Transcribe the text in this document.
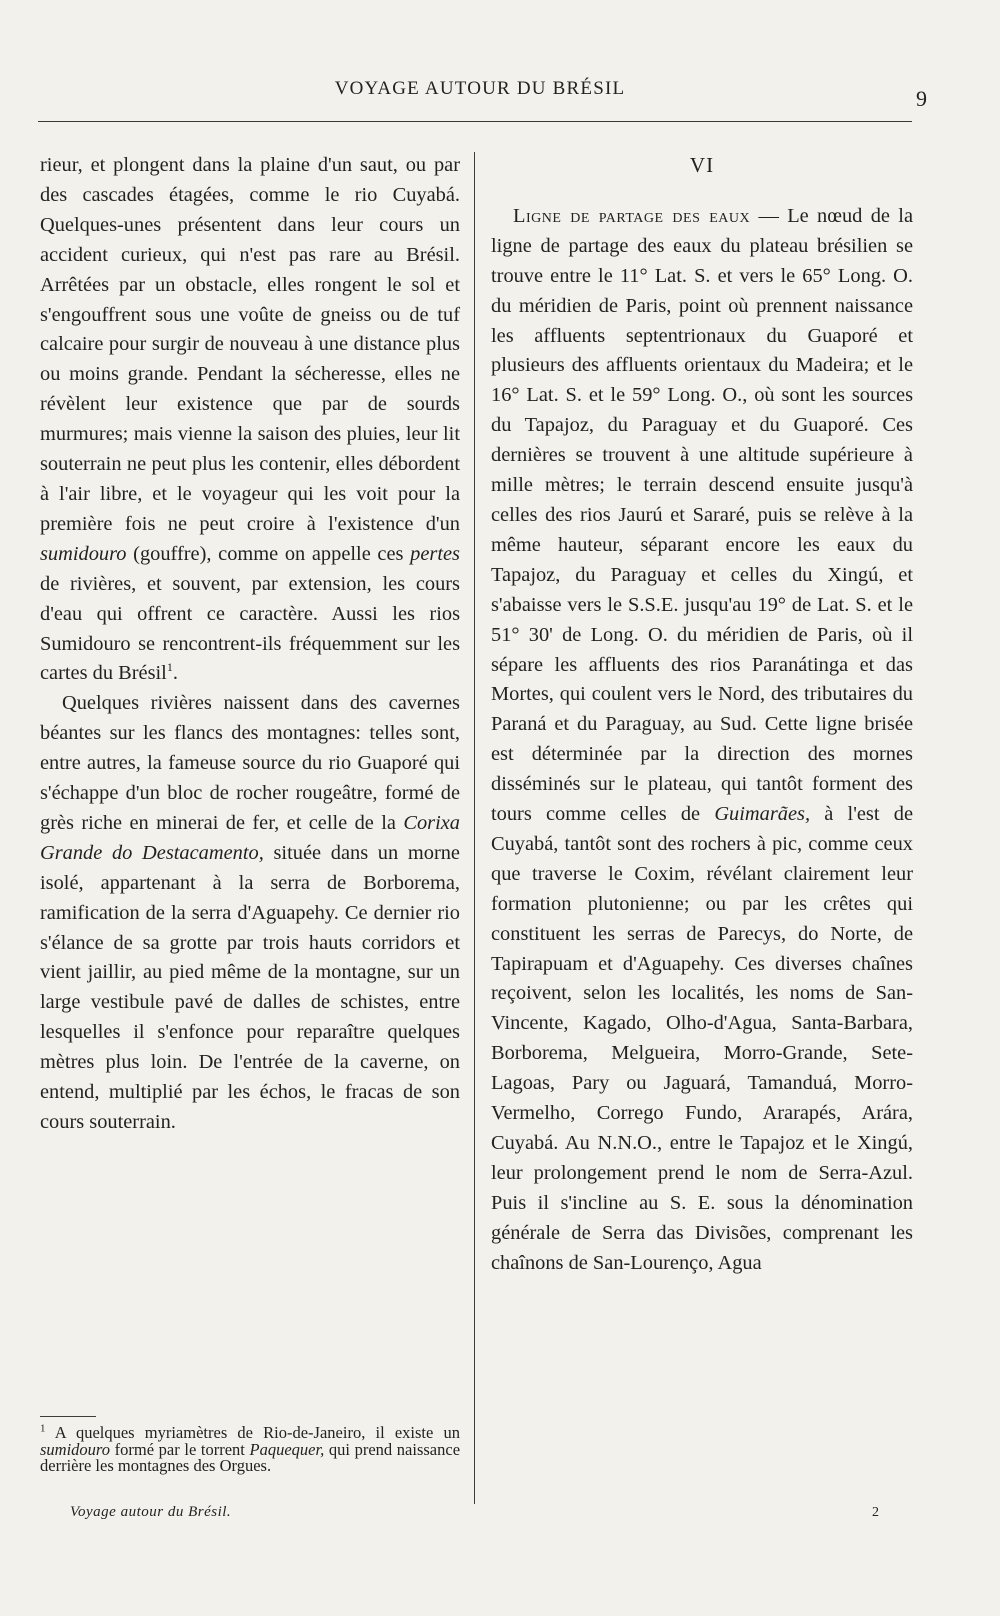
VOYAGE AUTOUR DU BRÉSIL	9

rieur, et plongent dans la plaine d'un saut, ou par des cascades étagées, comme le rio Cuyabá. Quelques-unes présentent dans leur cours un accident curieux, qui n'est pas rare au Brésil. Arrêtées par un obstacle, elles rongent le sol et s'engouffrent sous une voûte de gneiss ou de tuf calcaire pour surgir de nouveau à une distance plus ou moins grande. Pendant la sécheresse, elles ne révèlent leur existence que par de sourds murmures; mais vienne la saison des pluies, leur lit souterrain ne peut plus les contenir, elles débordent à l'air libre, et le voyageur qui les voit pour la première fois ne peut croire à l'existence d'un sumidouro (gouffre), comme on appelle ces pertes de rivières, et souvent, par extension, les cours d'eau qui offrent ce caractère. Aussi les rios Sumidouro se rencontrent-ils fréquemment sur les cartes du Brésil$^1$.

Quelques rivières naissent dans des cavernes béantes sur les flancs des montagnes: telles sont, entre autres, la fameuse source du rio Guaporé qui s'échappe d'un bloc de rocher rougeâtre, formé de grès riche en minerai de fer, et celle de la Corixa Grande do Destacamento, située dans un morne isolé, appartenant à la serra de Borborema, ramification de la serra d'Aguapehy. Ce dernier rio s'élance de sa grotte par trois hauts corridors et vient jaillir, au pied même de la montagne, sur un large vestibule pavé de dalles de schistes, entre lesquelles il s'enfonce pour reparaître quelques mètres plus loin. De l'entrée de la caverne, on entend, multiplié par les échos, le fracas de son cours souterrain.

VI

Ligne de partage des eaux — Le nœud de la ligne de partage des eaux du plateau brésilien se trouve entre le 11° Lat. S. et vers le 65° Long. O. du méridien de Paris, point où prennent naissance les affluents septentrionaux du Guaporé et plusieurs des affluents orientaux du Madeira; et le 16° Lat. S. et le 59° Long. O., où sont les sources du Tapajoz, du Paraguay et du Guaporé. Ces dernières se trouvent à une altitude supérieure à mille mètres; le terrain descend ensuite jusqu'à celles des rios Jaurú et Sararé, puis se relève à la même hauteur, séparant encore les eaux du Tapajoz, du Paraguay et celles du Xingú, et s'abaisse vers le S.S.E. jusqu'au 19° de Lat. S. et le 51° 30' de Long. O. du méridien de Paris, où il sépare les affluents des rios Paranátinga et das Mortes, qui coulent vers le Nord, des tributaires du Paraná et du Paraguay, au Sud. Cette ligne brisée est déterminée par la direction des mornes disséminés sur le plateau, qui tantôt forment des tours comme celles de Guimarães, à l'est de Cuyabá, tantôt sont des rochers à pic, comme ceux que traverse le Coxim, révélant clairement leur formation plutonienne; ou par les crêtes qui constituent les serras de Parecys, do Norte, de Tapirapuam et d'Aguapehy. Ces diverses chaînes reçoivent, selon les localités, les noms de San-Vincente, Kagado, Olho-d'Agua, Santa-Barbara, Borborema, Melgueira, Morro-Grande, Sete-Lagoas, Pary ou Jaguará, Tamanduá, Morro-Vermelho, Corrego Fundo, Ararapés, Arára, Cuyabá. Au N.N.O., entre le Tapajoz et le Xingú, leur prolongement prend le nom de Serra-Azul. Puis il s'incline au S. E. sous la dénomination générale de Serra das Divisões, comprenant les chaînons de San-Lourenço, Agua

$^1$ A quelques myriamètres de Rio-de-Janeiro, il existe un sumidouro formé par le torrent Paquequer, qui prend naissance derrière les montagnes des Orgues.
Voyage autour du Brésil.	2
